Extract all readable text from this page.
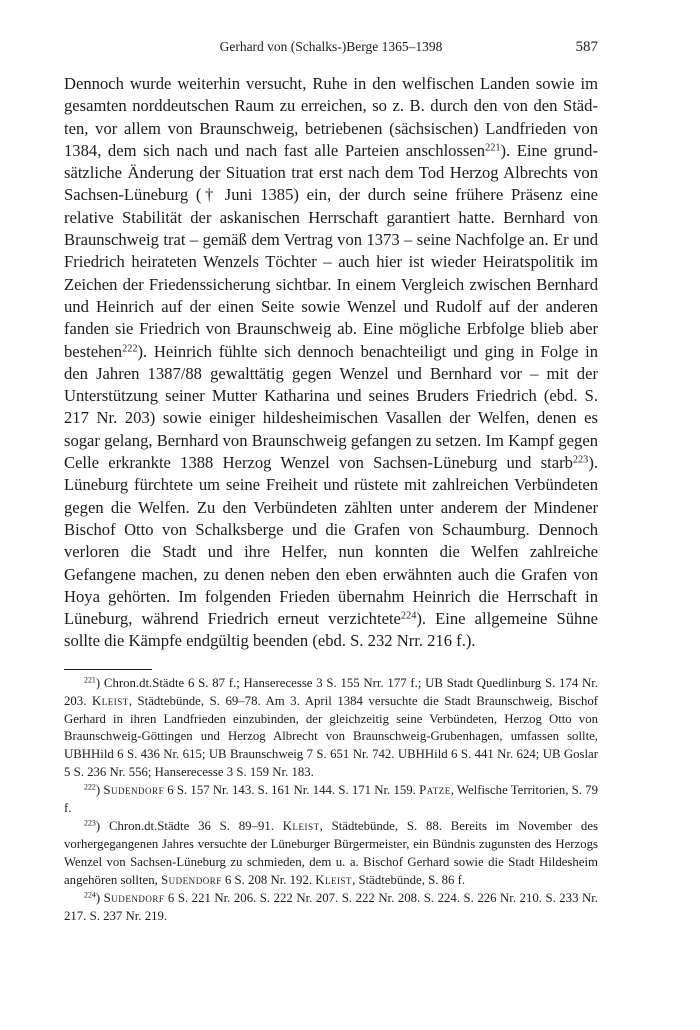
Gerhard von (Schalks-)Berge 1365–1398	587

Dennoch wurde weiterhin versucht, Ruhe in den welfischen Landen sowie im gesamten norddeutschen Raum zu erreichen, so z. B. durch den von den Städten, vor allem von Braunschweig, betriebenen (sächsischen) Landfrieden von 1384, dem sich nach und nach fast alle Parteien anschlossen$^{221}$). Eine grundsätzliche Änderung der Situation trat erst nach dem Tod Herzog Albrechts von Sachsen-Lüneburg († Juni 1385) ein, der durch seine frühere Präsenz eine relative Stabilität der askanischen Herrschaft garantiert hatte. Bernhard von Braunschweig trat – gemäß dem Vertrag von 1373 – seine Nachfolge an. Er und Friedrich heirateten Wenzels Töchter – auch hier ist wieder Heiratspolitik im Zeichen der Friedenssicherung sichtbar. In einem Vergleich zwischen Bernhard und Heinrich auf der einen Seite sowie Wenzel und Rudolf auf der anderen fanden sie Friedrich von Braunschweig ab. Eine mögliche Erbfolge blieb aber bestehen$^{222}$). Heinrich fühlte sich dennoch benachteiligt und ging in Folge in den Jahren 1387/88 gewalttätig gegen Wenzel und Bernhard vor – mit der Unterstützung seiner Mutter Katharina und seines Bruders Friedrich (ebd. S. 217 Nr. 203) sowie einiger hildesheimischen Vasallen der Welfen, denen es sogar gelang, Bernhard von Braunschweig gefangen zu setzen. Im Kampf gegen Celle erkrankte 1388 Herzog Wenzel von Sachsen-Lüneburg und starb$^{223}$). Lüneburg fürchtete um seine Freiheit und rüstete mit zahlreichen Verbündeten gegen die Welfen. Zu den Verbündeten zählten unter anderem der Mindener Bischof Otto von Schalksberge und die Grafen von Schaumburg. Dennoch verloren die Stadt und ihre Helfer, nun konnten die Welfen zahlreiche Gefangene machen, zu denen neben den eben erwähnten auch die Grafen von Hoya gehörten. Im folgenden Frieden übernahm Heinrich die Herrschaft in Lüneburg, während Friedrich erneut verzichtete$^{224}$). Eine allgemeine Sühne sollte die Kämpfe endgültig beenden (ebd. S. 232 Nrr. 216 f.).

$^{221}$) Chron.dt.Städte 6 S. 87 f.; Hanserecesse 3 S. 155 Nrr. 177 f.; UB Stadt Quedlinburg S. 174 Nr. 203. Kleist, Städtebünde, S. 69–78. Am 3. April 1384 versuchte die Stadt Braunschweig, Bischof Gerhard in ihren Landfrieden einzubinden, der gleichzeitig seine Verbündeten, Herzog Otto von Braunschweig-Göttingen und Herzog Albrecht von Braunschweig-Grubenhagen, umfassen sollte, UBHHild 6 S. 436 Nr. 615; UB Braunschweig 7 S. 651 Nr. 742. UBHHild 6 S. 441 Nr. 624; UB Goslar 5 S. 236 Nr. 556; Hanserecesse 3 S. 159 Nr. 183.

$^{222}$) Sudendorf 6 S. 157 Nr. 143. S. 161 Nr. 144. S. 171 Nr. 159. Patze, Welfische Territorien, S. 79 f.

$^{223}$) Chron.dt.Städte 36 S. 89–91. Kleist, Städtebünde, S. 88. Bereits im November des vorhergegangenen Jahres versuchte der Lüneburger Bürgermeister, ein Bündnis zugunsten des Herzogs Wenzel von Sachsen-Lüneburg zu schmieden, dem u. a. Bischof Gerhard sowie die Stadt Hildesheim angehören sollten, Sudendorf 6 S. 208 Nr. 192. Kleist, Städtebünde, S. 86 f.

$^{224}$) Sudendorf 6 S. 221 Nr. 206. S. 222 Nr. 207. S. 222 Nr. 208. S. 224. S. 226 Nr. 210. S. 233 Nr. 217. S. 237 Nr. 219.
